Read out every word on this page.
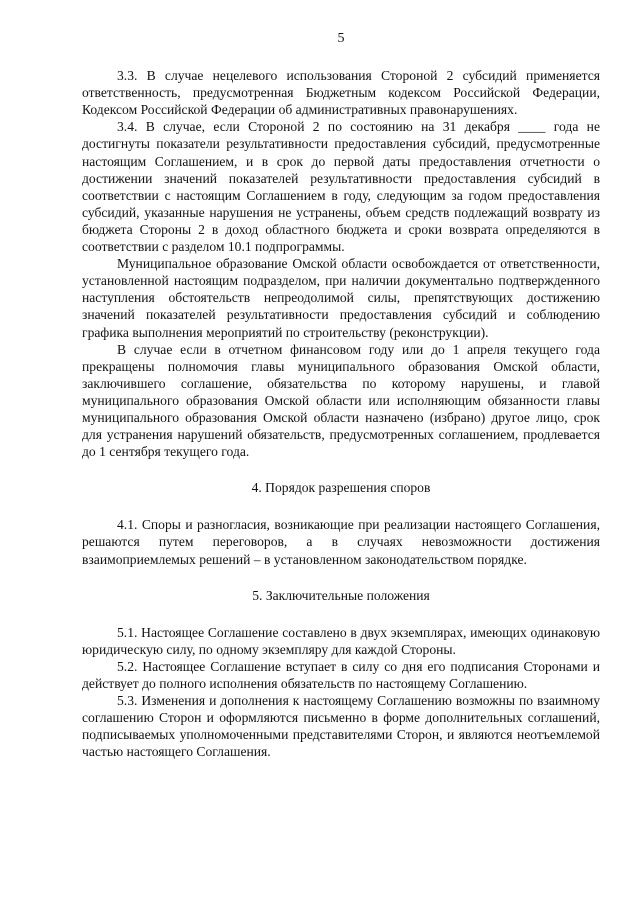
5

3.3. В случае нецелевого использования Стороной 2 субсидий применяется ответственность, предусмотренная Бюджетным кодексом Российской Федерации, Кодексом Российской Федерации об административных правонарушениях.

3.4. В случае, если Стороной 2 по состоянию на 31 декабря ____ года не достигнуты показатели результативности предоставления субсидий, предусмотренные настоящим Соглашением, и в срок до первой даты предоставления отчетности о достижении значений показателей результативности предоставления субсидий в соответствии с настоящим Соглашением в году, следующим за годом предоставления субсидий, указанные нарушения не устранены, объем средств подлежащий возврату из бюджета Стороны 2 в доход областного бюджета и сроки возврата определяются в соответствии с разделом 10.1 подпрограммы.

Муниципальное образование Омской области освобождается от ответственности, установленной настоящим подразделом, при наличии документально подтвержденного наступления обстоятельств непреодолимой силы, препятствующих достижению значений показателей результативности предоставления субсидий и соблюдению графика выполнения мероприятий по строительству (реконструкции).

В случае если в отчетном финансовом году или до 1 апреля текущего года прекращены полномочия главы муниципального образования Омской области, заключившего соглашение, обязательства по которому нарушены, и главой муниципального образования Омской области или исполняющим обязанности главы муниципального образования Омской области назначено (избрано) другое лицо, срок для устранения нарушений обязательств, предусмотренных соглашением, продлевается до 1 сентября текущего года.

4. Порядок разрешения споров

4.1. Споры и разногласия, возникающие при реализации настоящего Соглашения, решаются путем переговоров, а в случаях невозможности достижения взаимоприемлемых решений – в установленном законодательством порядке.

5. Заключительные положения

5.1. Настоящее Соглашение составлено в двух экземплярах, имеющих одинаковую юридическую силу, по одному экземпляру для каждой Стороны.

5.2. Настоящее Соглашение вступает в силу со дня его подписания Сторонами и действует до полного исполнения обязательств по настоящему Соглашению.

5.3. Изменения и дополнения к настоящему Соглашению возможны по взаимному соглашению Сторон и оформляются письменно в форме дополнительных соглашений, подписываемых уполномоченными представителями Сторон, и являются неотъемлемой частью настоящего Соглашения.
